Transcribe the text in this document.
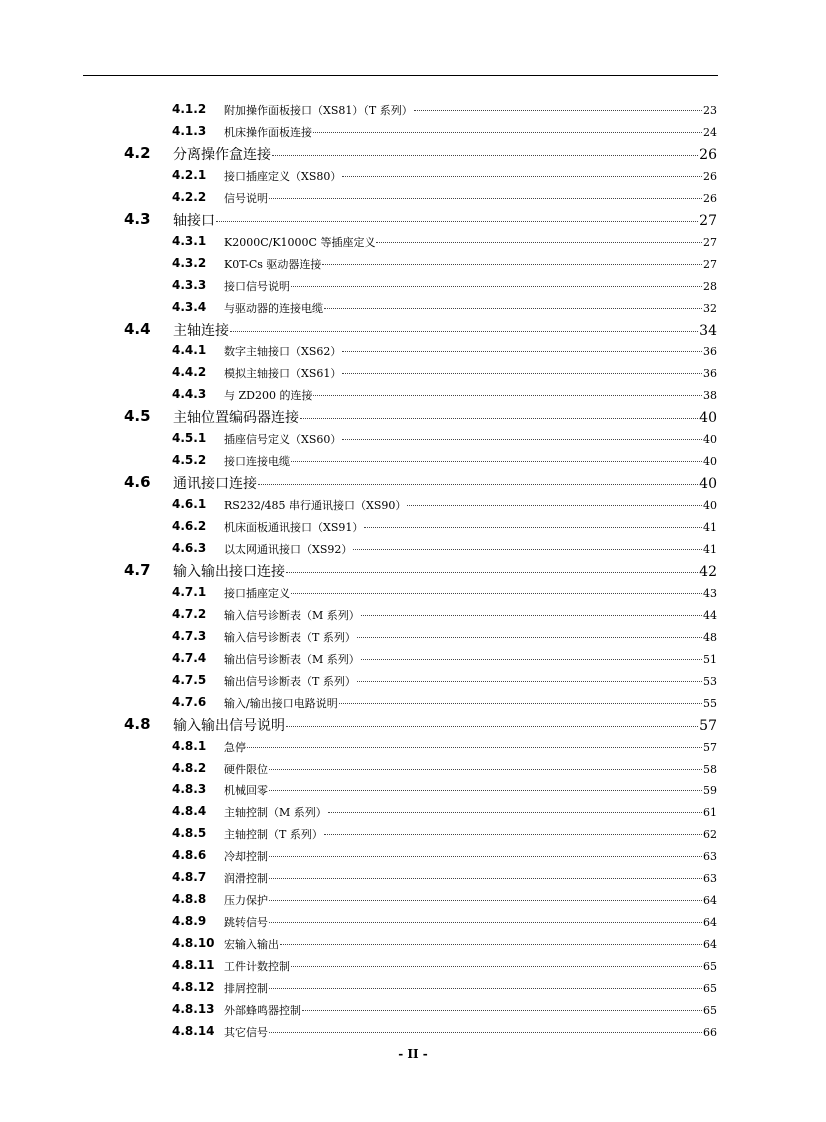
4.1.2 附加操作面板接口（XS81）（T 系列）	23
4.1.3 机床操作面板连接	24
4.2 分离操作盒连接	26
4.2.1 接口插座定义（XS80）	26
4.2.2 信号说明	26
4.3 轴接口	27
4.3.1 K2000C/K1000C 等插座定义	27
4.3.2 K0T-Cs 驱动器连接	27
4.3.3 接口信号说明	28
4.3.4 与驱动器的连接电缆	32
4.4 主轴连接	34
4.4.1 数字主轴接口（XS62）	36
4.4.2 模拟主轴接口（XS61）	36
4.4.3 与 ZD200 的连接	38
4.5 主轴位置编码器连接	40
4.5.1 插座信号定义（XS60）	40
4.5.2 接口连接电缆	40
4.6 通讯接口连接	40
4.6.1 RS232/485 串行通讯接口（XS90）	40
4.6.2 机床面板通讯接口（XS91）	41
4.6.3 以太网通讯接口（XS92）	41
4.7 输入输出接口连接	42
4.7.1 接口插座定义	43
4.7.2 输入信号诊断表（M 系列）	44
4.7.3 输入信号诊断表（T 系列）	48
4.7.4 输出信号诊断表（M 系列）	51
4.7.5 输出信号诊断表（T 系列）	53
4.7.6 输入/输出接口电路说明	55
4.8 输入输出信号说明	57
4.8.1 急停	57
4.8.2 硬件限位	58
4.8.3 机械回零	59
4.8.4 主轴控制（M 系列）	61
4.8.5 主轴控制（T 系列）	62
4.8.6 冷却控制	63
4.8.7 润滑控制	63
4.8.8 压力保护	64
4.8.9 跳转信号	64
4.8.10 宏输入输出	64
4.8.11 工件计数控制	65
4.8.12 排屑控制	65
4.8.13 外部蜂鸣器控制	65
4.8.14 其它信号	66
- II -
